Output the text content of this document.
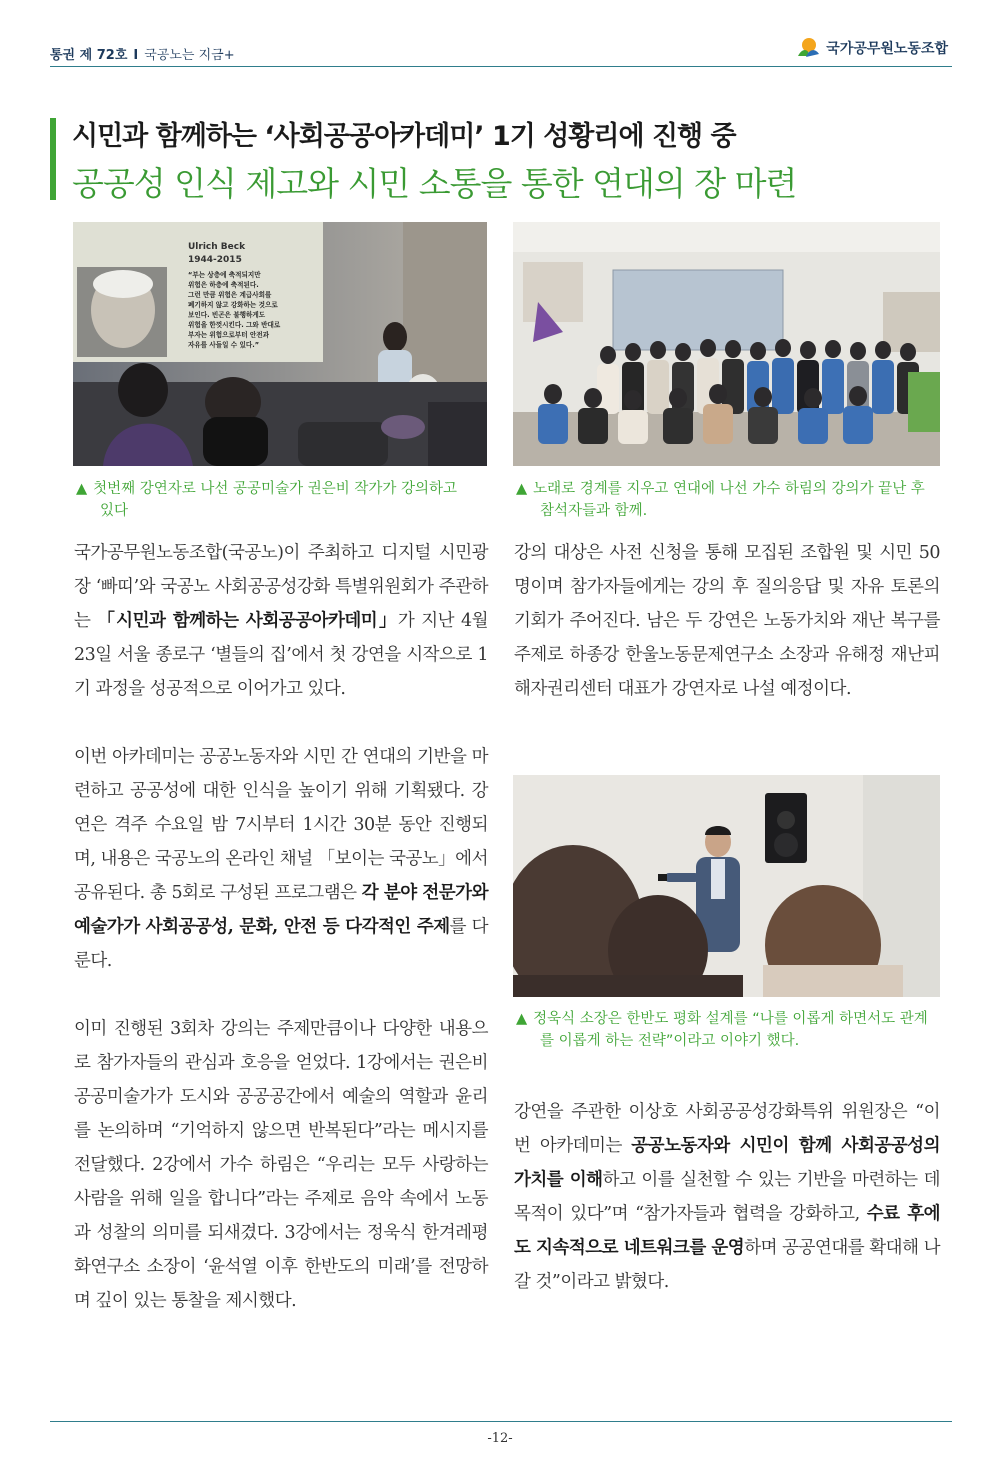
통권 제 72호 I 국공노는 지금+	국가공무원노동조합
시민과 함께하는 ‘사회공공아카데미’ 1기 성황리에 진행 중
공공성 인식 제고와 시민 소통을 통한 연대의 장 마련
Ulrich Beck
1944-2015
“부는 상층에 축적되지만
위험은 하층에 축적된다.
그런 만큼 위험은 계급사회를
폐기하지 않고 강화하는 것으로
보인다. 빈곤은 불행하게도
위험을 한껏시킨다. 그와 반대로
부자는 위험으로부터 안전과
자유를 사들일 수 있다.”
▲ 첫번째 강연자로 나선 공공미술가 권은비 작가가 강의하고
있다
▲ 노래로 경계를 지우고 연대에 나선 가수 하림의 강의가 끝난 후
참석자들과 함께.

국가공무원노동조합(국공노)이 주최하고 디지털 시민광장 ‘빠띠’와 국공노 사회공공성강화 특별위원회가 주관하는 「시민과 함께하는 사회공공아카데미」가 지난 4월 23일 서울 종로구 ‘별들의 집’에서 첫 강연을 시작으로 1기 과정을 성공적으로 이어가고 있다.

이번 아카데미는 공공노동자와 시민 간 연대의 기반을 마련하고 공공성에 대한 인식을 높이기 위해 기획됐다. 강연은 격주 수요일 밤 7시부터 1시간 30분 동안 진행되며, 내용은 국공노의 온라인 채널 「보이는 국공노」에서 공유된다. 총 5회로 구성된 프로그램은 각 분야 전문가와 예술가가 사회공공성, 문화, 안전 등 다각적인 주제를 다룬다.

이미 진행된 3회차 강의는 주제만큼이나 다양한 내용으로 참가자들의 관심과 호응을 얻었다. 1강에서는 권은비 공공미술가가 도시와 공공공간에서 예술의 역할과 윤리를 논의하며 “기억하지 않으면 반복된다”라는 메시지를 전달했다. 2강에서 가수 하림은 “우리는 모두 사랑하는 사람을 위해 일을 합니다”라는 주제로 음악 속에서 노동과 성찰의 의미를 되새겼다. 3강에서는 정욱식 한겨레평화연구소 소장이 ‘윤석열 이후 한반도의 미래’를 전망하며 깊이 있는 통찰을 제시했다.

강의 대상은 사전 신청을 통해 모집된 조합원 및 시민 50명이며 참가자들에게는 강의 후 질의응답 및 자유 토론의 기회가 주어진다. 남은 두 강연은 노동가치와 재난 복구를 주제로 하종강 한울노동문제연구소 소장과 유해정 재난피해자권리센터 대표가 강연자로 나설 예정이다.

▲ 정욱식 소장은 한반도 평화 설계를 “나를 이롭게 하면서도 관계
를 이롭게 하는 전략”이라고 이야기 했다.

강연을 주관한 이상호 사회공공성강화특위 위원장은 “이번 아카데미는 공공노동자와 시민이 함께 사회공공성의 가치를 이해하고 이를 실천할 수 있는 기반을 마련하는 데 목적이 있다”며 “참가자들과 협력을 강화하고, 수료 후에도 지속적으로 네트워크를 운영하며 공공연대를 확대해 나갈 것”이라고 밝혔다.

-12-
